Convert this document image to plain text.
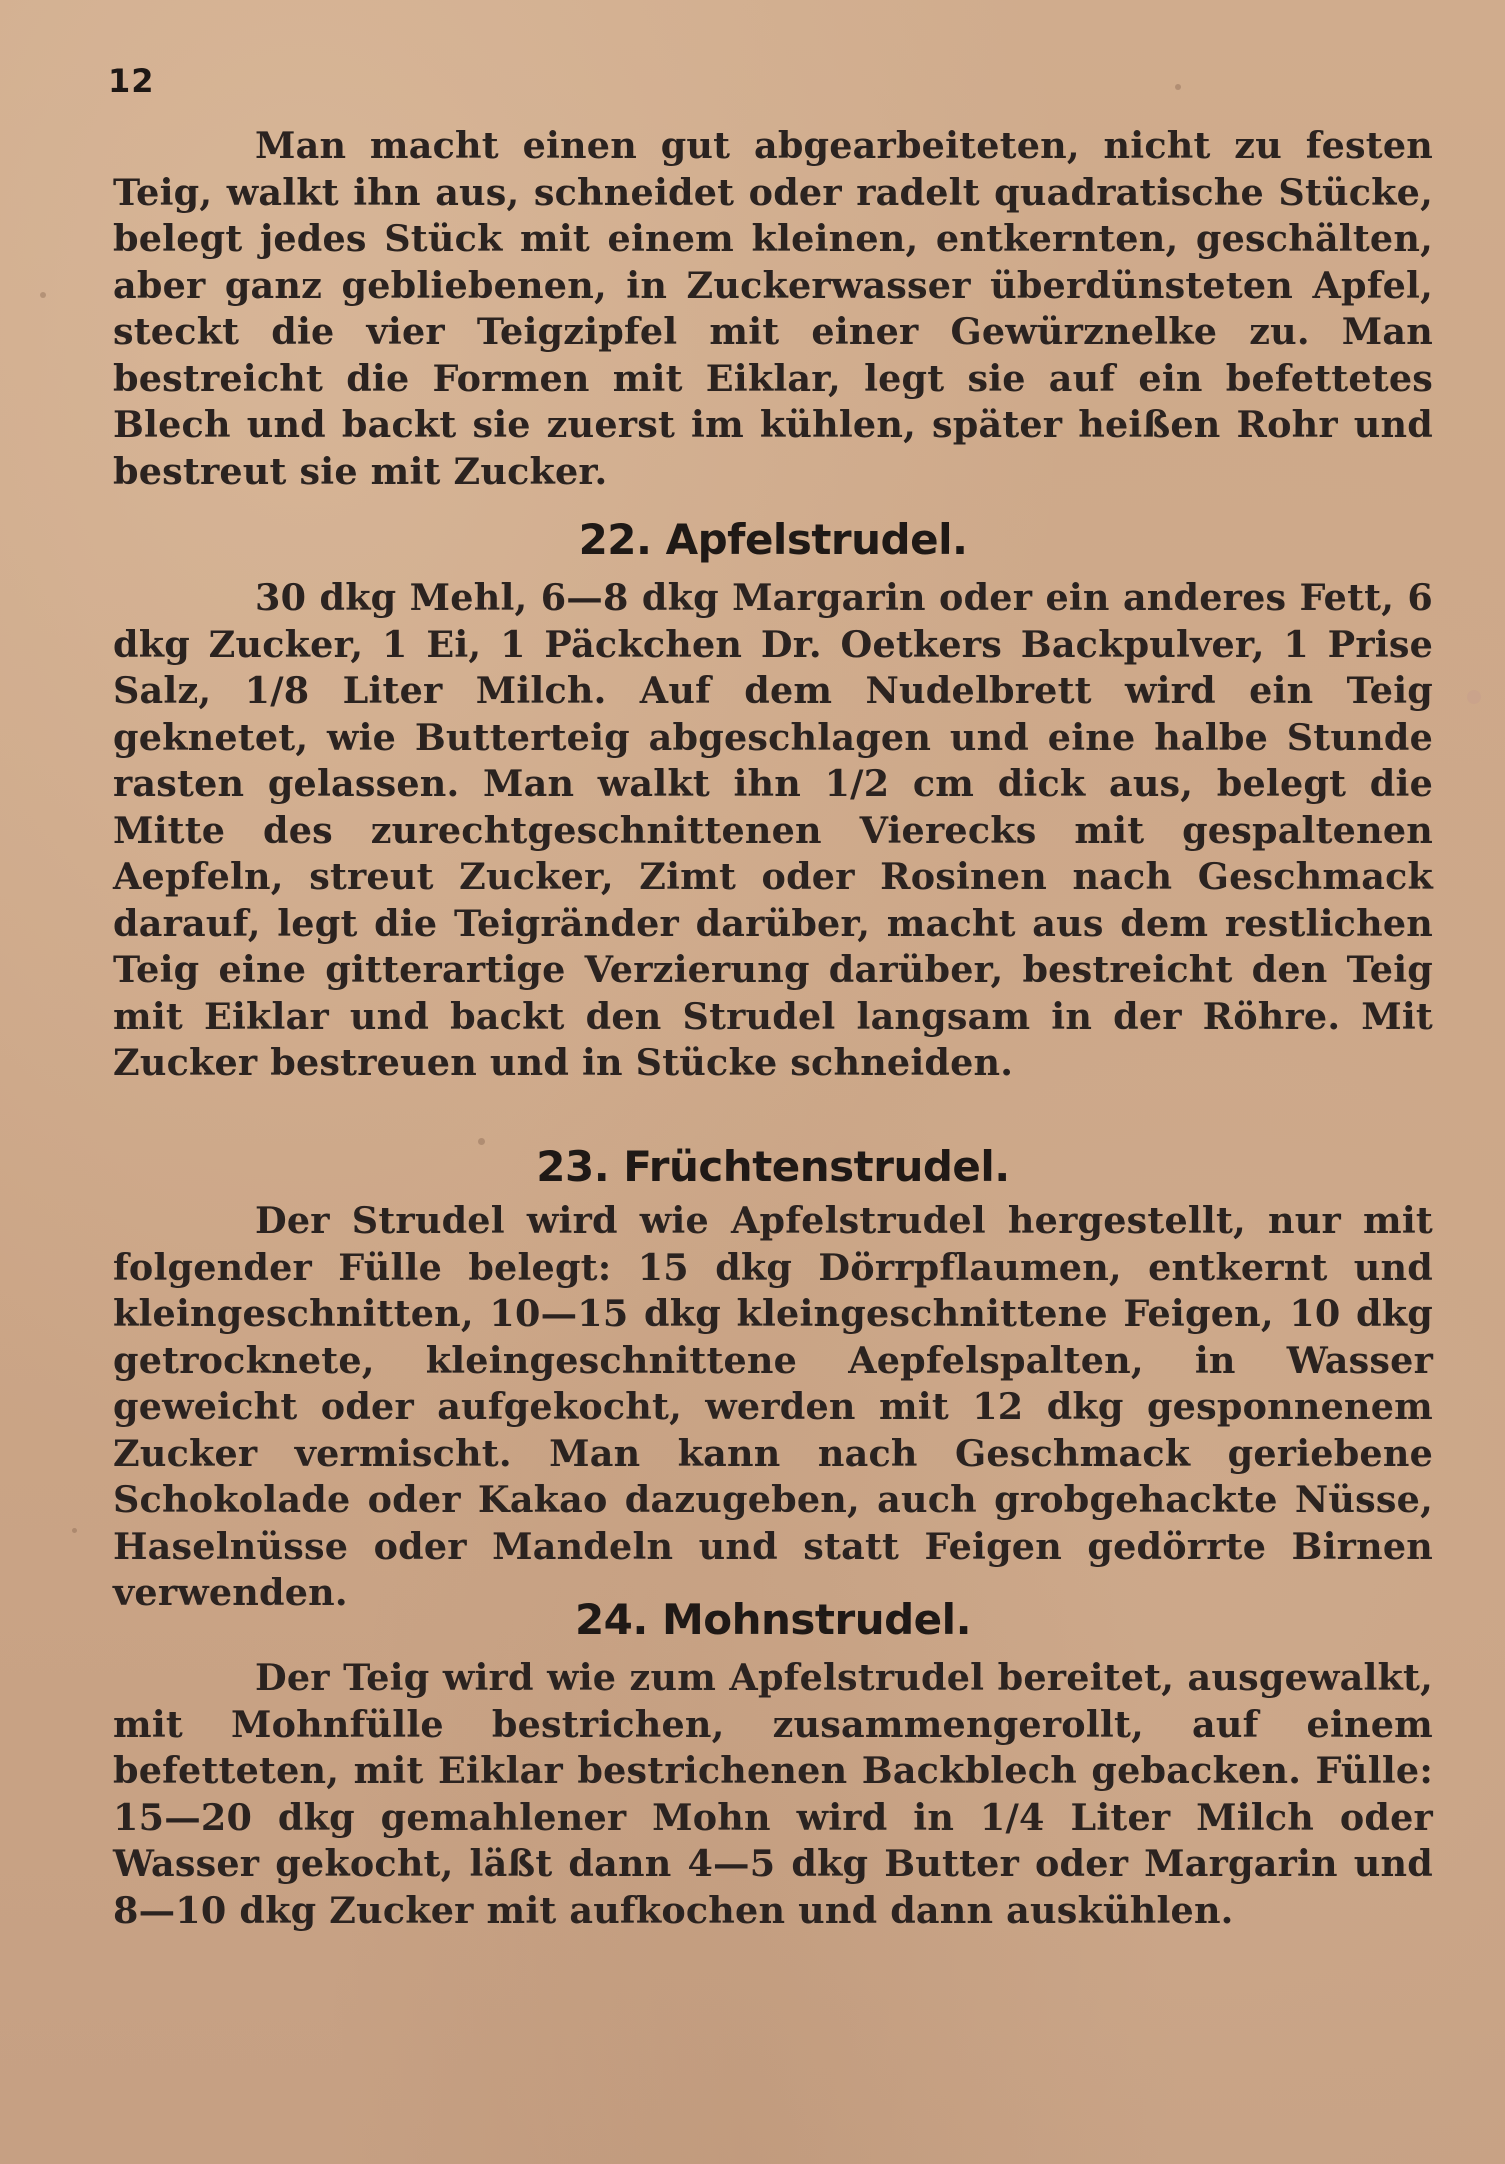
12

Man macht einen gut abgearbeiteten, nicht zu festen Teig, walkt ihn aus, schneidet oder radelt quadratische Stücke, belegt jedes Stück mit einem kleinen, entkernten, geschälten, aber ganz gebliebenen, in Zuckerwasser überdünsteten Apfel, steckt die vier Teigzipfel mit einer Gewürznelke zu. Man bestreicht die Formen mit Eiklar, legt sie auf ein befettetes Blech und backt sie zuerst im kühlen, später heißen Rohr und bestreut sie mit Zucker.

22. Apfelstrudel.

30 dkg Mehl, 6—8 dkg Margarin oder ein anderes Fett, 6 dkg Zucker, 1 Ei, 1 Päckchen Dr. Oetkers Backpulver, 1 Prise Salz, 1/8 Liter Milch. Auf dem Nudelbrett wird ein Teig geknetet, wie Butterteig abgeschlagen und eine halbe Stunde rasten gelassen. Man walkt ihn 1/2 cm dick aus, belegt die Mitte des zurechtgeschnittenen Vierecks mit gespaltenen Aepfeln, streut Zucker, Zimt oder Rosinen nach Geschmack darauf, legt die Teigränder darüber, macht aus dem restlichen Teig eine gitterartige Verzierung darüber, bestreicht den Teig mit Eiklar und backt den Strudel langsam in der Röhre. Mit Zucker bestreuen und in Stücke schneiden.

23. Früchtenstrudel.

Der Strudel wird wie Apfelstrudel hergestellt, nur mit folgender Fülle belegt: 15 dkg Dörrpflaumen, entkernt und kleingeschnitten, 10—15 dkg kleingeschnittene Feigen, 10 dkg getrocknete, kleingeschnittene Aepfelspalten, in Wasser geweicht oder aufgekocht, werden mit 12 dkg gesponnenem Zucker vermischt. Man kann nach Geschmack geriebene Schokolade oder Kakao dazugeben, auch grobgehackte Nüsse, Haselnüsse oder Mandeln und statt Feigen gedörrte Birnen verwenden.

24. Mohnstrudel.

Der Teig wird wie zum Apfelstrudel bereitet, ausgewalkt, mit Mohnfülle bestrichen, zusammengerollt, auf einem befetteten, mit Eiklar bestrichenen Backblech gebacken. Fülle: 15—20 dkg gemahlener Mohn wird in 1/4 Liter Milch oder Wasser gekocht, läßt dann 4—5 dkg Butter oder Margarin und 8—10 dkg Zucker mit aufkochen und dann auskühlen.
